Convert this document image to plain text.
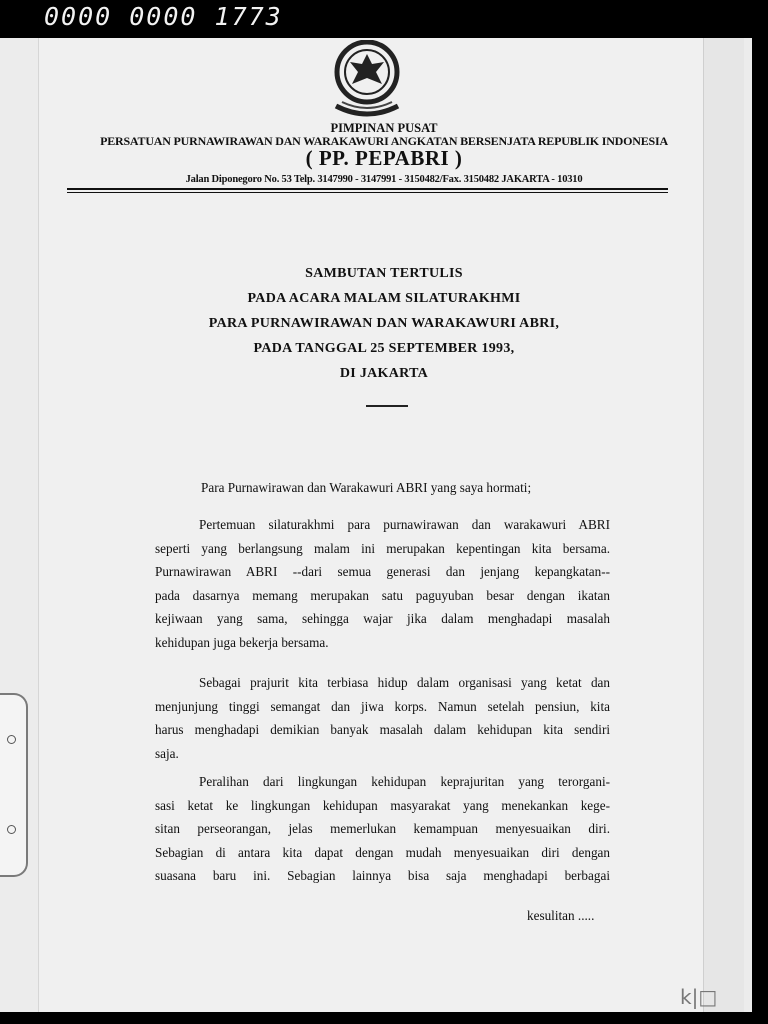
0000 0000 1773
PIMPINAN PUSAT
PERSATUAN PURNAWIRAWAN DAN WARAKAWURI ANGKATAN BERSENJATA REPUBLIK INDONESIA
( PP. PEPABRI )
Jalan Diponegoro No. 53 Telp. 3147990 - 3147991 - 3150482/Fax. 3150482 JAKARTA - 10310
SAMBUTAN TERTULIS
PADA ACARA MALAM SILATURAKHMI
PARA PURNAWIRAWAN DAN WARAKAWURI ABRI,
PADA TANGGAL 25 SEPTEMBER 1993,
DI JAKARTA
Para Purnawirawan dan Warakawuri ABRI yang saya hormati;
Pertemuan silaturakhmi para purnawirawan dan warakawuri ABRI
seperti yang berlangsung malam ini merupakan kepentingan kita bersama.
Purnawirawan ABRI --dari semua generasi dan jenjang kepangkatan--
pada dasarnya memang merupakan satu paguyuban besar dengan ikatan
kejiwaan yang sama, sehingga wajar jika dalam menghadapi masalah
kehidupan juga bekerja bersama.
Sebagai prajurit kita terbiasa hidup dalam organisasi yang ketat dan
menjunjung tinggi semangat dan jiwa korps. Namun setelah pensiun, kita
harus menghadapi demikian banyak masalah dalam kehidupan kita sendiri
saja.
Peralihan dari lingkungan kehidupan keprajuritan yang terorgani-
sasi ketat ke lingkungan kehidupan masyarakat yang menekankan kege-
sitan perseorangan, jelas memerlukan kemampuan menyesuaikan diri.
Sebagian di antara kita dapat dengan mudah menyesuaikan diri dengan
suasana baru ini. Sebagian lainnya bisa saja menghadapi berbagai
kesulitan .....
k|□
